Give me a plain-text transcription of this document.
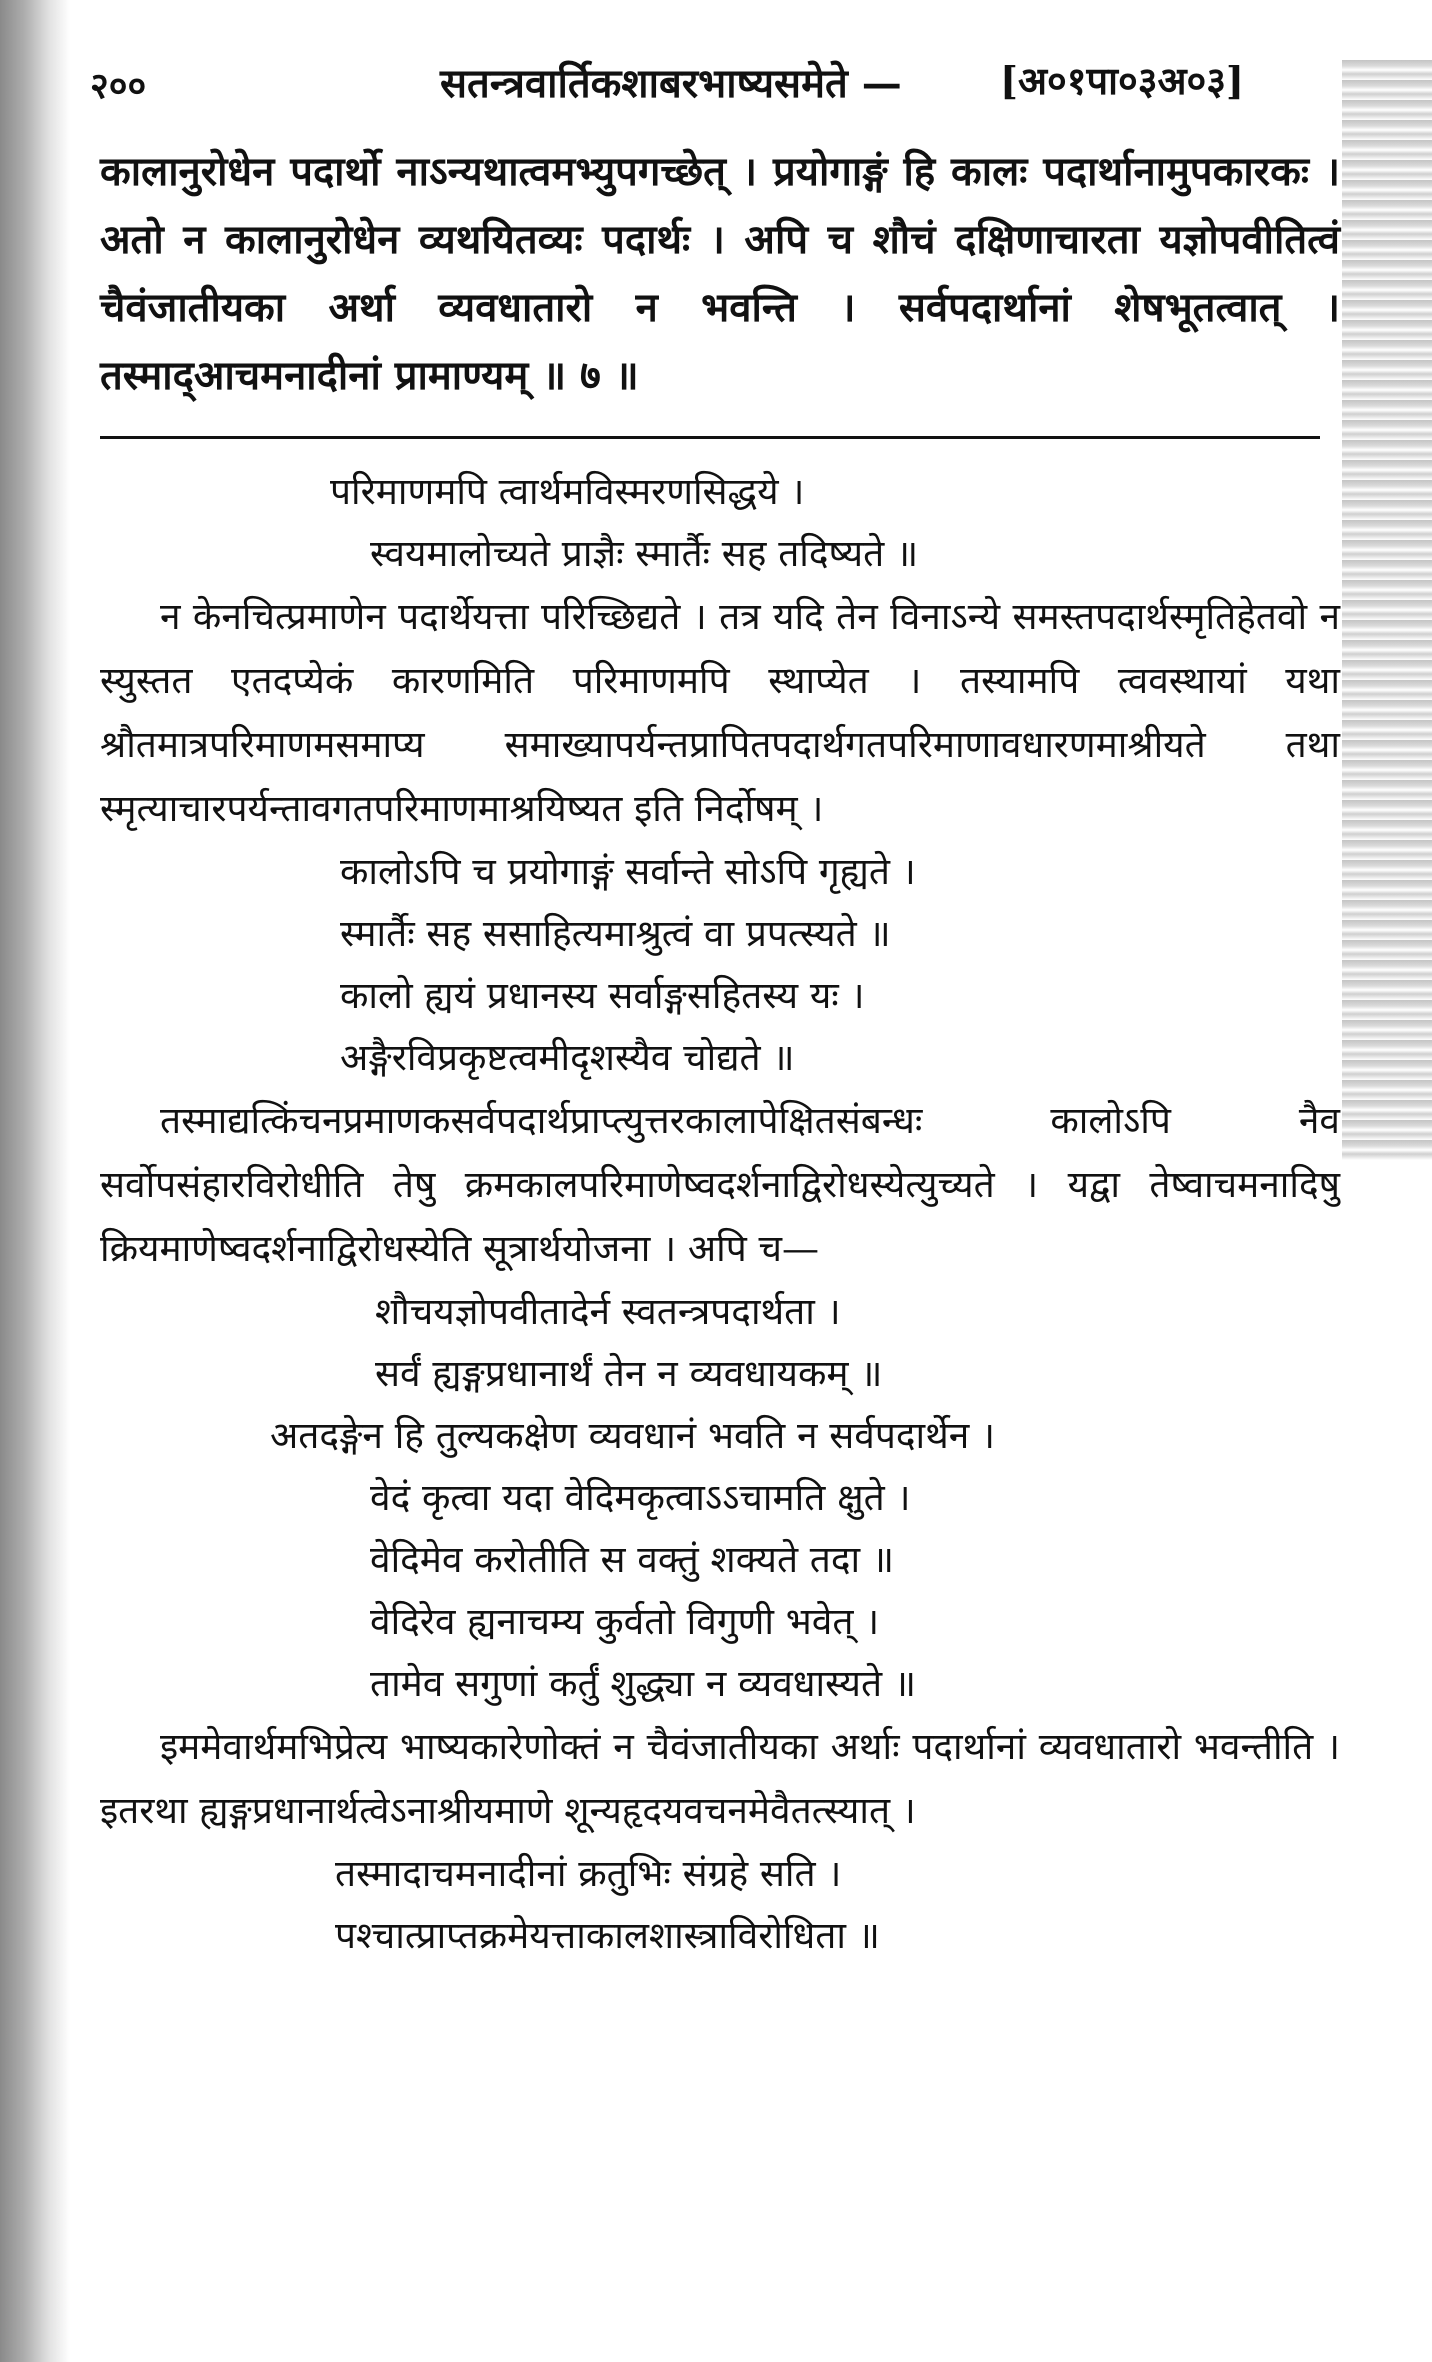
२००	सतन्त्रवार्तिकशाबरभाष्यसमेते —	[अ०१पा०३अ०३]

कालानुरोधेन पदार्थो नाऽन्यथात्वमभ्युपगच्छेत् । प्रयोगाङ्गं हि कालः पदार्थानामुपकारकः । अतो न कालानुरोधेन व्यथयितव्यः पदार्थः । अपि च शौचं दक्षिणाचारता यज्ञोपवीतित्वं चैवंजातीयका अर्था व्यवधातारो न भवन्ति । सर्वपदार्थानां शेषभूतत्वात् । तस्माद्आचमनादीनां प्रामाण्यम् ॥ ७ ॥

परिमाणमपि त्वार्थमविस्मरणसिद्धये ।

स्वयमालोच्यते प्राज्ञैः स्मार्तैः सह तदिष्यते ॥

न केनचित्प्रमाणेन पदार्थेयत्ता परिच्छिद्यते । तत्र यदि तेन विनाऽन्ये समस्तपदार्थस्मृतिहेतवो न स्युस्तत एतदप्येकं कारणमिति परिमाणमपि स्थाप्येत । तस्यामपि त्ववस्थायां यथा श्रौतमात्रपरिमाणमसमाप्य समाख्यापर्यन्तप्रापितपदार्थगतपरिमाणावधारणमाश्रीयते तथा स्मृत्याचारपर्यन्तावगतपरिमाणमाश्रयिष्यत इति निर्दोषम् ।

कालोऽपि च प्रयोगाङ्गं सर्वान्ते सोऽपि गृह्यते ।

स्मार्तैः सह ससाहित्यमाश्रुत्वं वा प्रपत्स्यते ॥

कालो ह्ययं प्रधानस्य सर्वाङ्गसहितस्य यः ।

अङ्गैरविप्रकृष्टत्वमीदृशस्यैव चोद्यते ॥

तस्माद्यत्किंचनप्रमाणकसर्वपदार्थप्राप्त्युत्तरकालापेक्षितसंबन्धः कालोऽपि नैव सर्वोपसंहारविरोधीति तेषु क्रमकालपरिमाणेष्वदर्शनाद्विरोधस्येत्युच्यते । यद्वा तेष्वाचमनादिषु क्रियमाणेष्वदर्शनाद्विरोधस्येति सूत्रार्थयोजना । अपि च—

शौचयज्ञोपवीतादेर्न स्वतन्त्रपदार्थता ।

सर्वं ह्यङ्गप्रधानार्थं तेन न व्यवधायकम् ॥

अतदङ्गेन हि तुल्यकक्षेण व्यवधानं भवति न सर्वपदार्थेन ।

वेदं कृत्वा यदा वेदिमकृत्वाऽऽचामति क्षुते ।

वेदिमेव करोतीति स वक्तुं शक्यते तदा ॥

वेदिरेव ह्यनाचम्य कुर्वतो विगुणी भवेत् ।

तामेव सगुणां कर्तुं शुद्ध्या न व्यवधास्यते ॥

इममेवार्थमभिप्रेत्य भाष्यकारेणोक्तं न चैवंजातीयका अर्थाः पदार्थानां व्यवधातारो भवन्तीति । इतरथा ह्यङ्गप्रधानार्थत्वेऽनाश्रीयमाणे शून्यहृदयवचनमेवैतत्स्यात् ।

तस्मादाचमनादीनां क्रतुभिः संग्रहे सति ।

पश्चात्प्राप्तक्रमेयत्ताकालशास्त्राविरोधिता ॥
